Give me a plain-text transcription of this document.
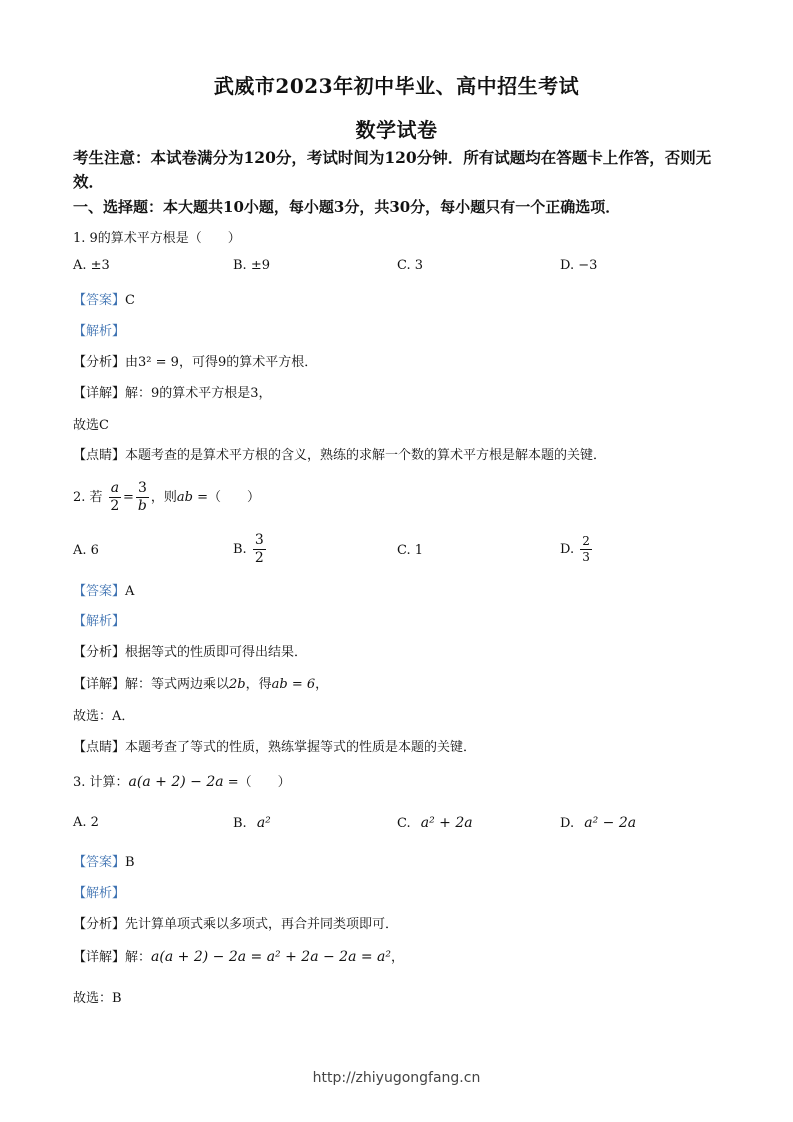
武威市2023年初中毕业、高中招生考试
数学试卷
考生注意：本试卷满分为120分，考试时间为120分钟．所有试题均在答题卡上作答，否则无效．
一、选择题：本大题共10小题，每小题3分，共30分，每小题只有一个正确选项．
1. 9的算术平方根是（　　）
A. ±3	B. ±9	C. 3	D. −3
【答案】C
【解析】
【分析】由3² = 9，可得9的算术平方根．
【详解】解：9的算术平方根是3，
故选C
【点睛】本题考查的是算术平方根的含义，熟练的求解一个数的算术平方根是解本题的关键．
2. 若 $\frac{a}{2} = \frac{3}{b}$ ，则ab =（　　）
A. 6	B. $\frac{3}{2}$	C. 1	D. $\frac{2}{3}$
【答案】A
【解析】
【分析】根据等式的性质即可得出结果．
【详解】解：等式两边乘以2b，得ab = 6，
故选：A．
【点睛】本题考查了等式的性质，熟练掌握等式的性质是本题的关键．
3. 计算：a(a + 2) − 2a =（　　）
A. 2	B. a²	C. a² + 2a	D. a² − 2a
【答案】B
【解析】
【分析】先计算单项式乘以多项式，再合并同类项即可．
【详解】解：a(a + 2) − 2a = a² + 2a − 2a = a²，
故选：B
http://zhiyugongfang.cn
